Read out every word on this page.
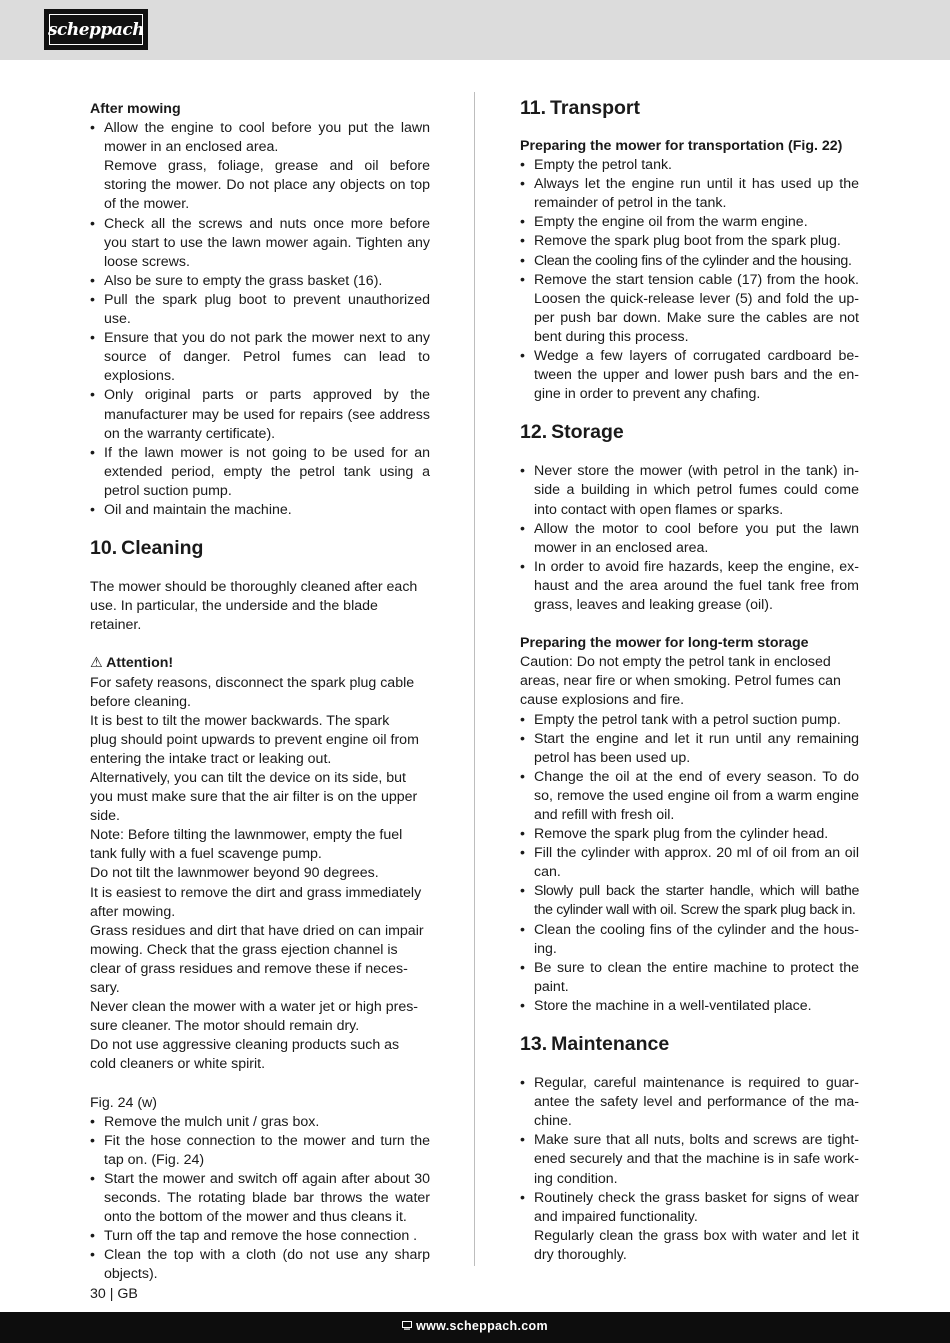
scheppach

After mowing

• Allow the engine to cool before you put the lawn mower in an enclosed area.
Remove grass, foliage, grease and oil before storing the mower. Do not place any objects on top of the mower.
• Check all the screws and nuts once more before you start to use the lawn mower again. Tighten any loose screws.
• Also be sure to empty the grass basket (16).
• Pull the spark plug boot to prevent unauthorized use.
• Ensure that you do not park the mower next to any source of danger. Petrol fumes can lead to explosions.
• Only original parts or parts approved by the manufacturer may be used for repairs (see address on the warranty certificate).
• If the lawn mower is not going to be used for an extended period, empty the petrol tank using a petrol suction pump.
• Oil and maintain the machine.
10. Cleaning

The mower should be thoroughly cleaned after each

use. In particular, the underside and the blade retainer.

⚠ Attention!

For safety reasons, disconnect the spark plug cable

before cleaning.

It is best to tilt the mower backwards. The spark

plug should point upwards to prevent engine oil from

entering the intake tract or leaking out.

Alternatively, you can tilt the device on its side, but

you must make sure that the air filter is on the upper

side.

Note: Before tilting the lawnmower, empty the fuel

tank fully with a fuel scavenge pump.

Do not tilt the lawnmower beyond 90 degrees.

It is easiest to remove the dirt and grass immediately

after mowing.

Grass residues and dirt that have dried on can impair

mowing. Check that the grass ejection channel is

clear of grass residues and remove these if neces-

sary.

Never clean the mower with a water jet or high pres-

sure cleaner. The motor should remain dry.

Do not use aggressive cleaning products such as

cold cleaners or white spirit.

Fig. 24 (w)

• Remove the mulch unit / gras box.
• Fit the hose connection to the mower and turn the tap on. (Fig. 24)
• Start the mower and switch off again after about 30 seconds. The rotating blade bar throws the water onto the bottom of the mower and thus cleans it.
• Turn off the tap and remove the hose connection .
• Clean the top with a cloth (do not use any sharp objects).
11. Transport

Preparing the mower for transportation (Fig. 22)

• Empty the petrol tank.
• Always let the engine run until it has used up the remainder of petrol in the tank.
• Empty the engine oil from the warm engine.
• Remove the spark plug boot from the spark plug.
• Clean the cooling fins of the cylinder and the housing.
• Remove the start tension cable (17) from the hook. Loosen the quick-release lever (5) and fold the up-per push bar down. Make sure the cables are not bent during this process.
• Wedge a few layers of corrugated cardboard be-tween the upper and lower push bars and the en-gine in order to prevent any chafing.
12. Storage
• Never store the mower (with petrol in the tank) in-side a building in which petrol fumes could come into contact with open flames or sparks.
• Allow the motor to cool before you put the lawn mower in an enclosed area.
• In order to avoid fire hazards, keep the engine, ex-haust and the area around the fuel tank free from grass, leaves and leaking grease (oil).

Preparing the mower for long-term storage

Caution: Do not empty the petrol tank in enclosed areas, near fire or when smoking. Petrol fumes can cause explosions and fire.

• Empty the petrol tank with a petrol suction pump.
• Start the engine and let it run until any remaining petrol has been used up.
• Change the oil at the end of every season. To do so, remove the used engine oil from a warm engine and refill with fresh oil.
• Remove the spark plug from the cylinder head.
• Fill the cylinder with approx. 20 ml of oil from an oil can.
• Slowly pull back the starter handle, which will bathe the cylinder wall with oil. Screw the spark plug back in.
• Clean the cooling fins of the cylinder and the hous-ing.
• Be sure to clean the entire machine to protect the paint.
• Store the machine in a well-ventilated place.
13. Maintenance
• Regular, careful maintenance is required to guar-antee the safety level and performance of the ma-chine.
• Make sure that all nuts, bolts and screws are tight-ened securely and that the machine is in safe work-ing condition.
• Routinely check the grass basket for signs of wear and impaired functionality.
Regularly clean the grass box with water and let it dry thoroughly.
30 | GB
www.scheppach.com
